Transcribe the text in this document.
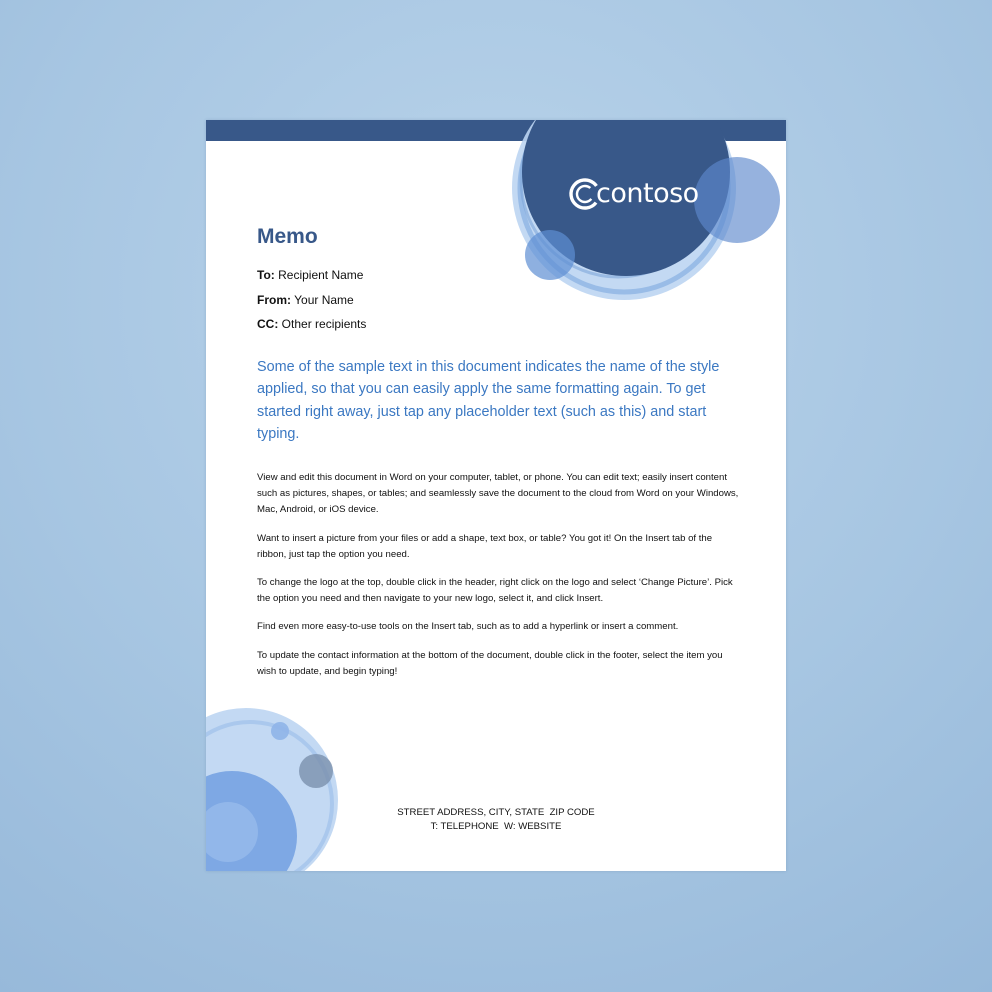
contoso
Memo
To: Recipient Name
From: Your Name
CC: Other recipients

Some of the sample text in this document indicates the name of the style applied, so that you can easily apply the same formatting again. To get started right away, just tap any placeholder text (such as this) and start typing.

View and edit this document in Word on your computer, tablet, or phone. You can edit text; easily insert content such as pictures, shapes, or tables; and seamlessly save the document to the cloud from Word on your Windows, Mac, Android, or iOS device.

Want to insert a picture from your files or add a shape, text box, or table? You got it! On the Insert tab of the ribbon, just tap the option you need.

To change the logo at the top, double click in the header, right click on the logo and select ‘Change Picture’. Pick the option you need and then navigate to your new logo, select it, and click Insert.

Find even more easy-to-use tools on the Insert tab, such as to add a hyperlink or insert a comment.

To update the contact information at the bottom of the document, double click in the footer, select the item you wish to update, and begin typing!

STREET ADDRESS, CITY, STATE  ZIP CODE
T: TELEPHONE  W: WEBSITE
